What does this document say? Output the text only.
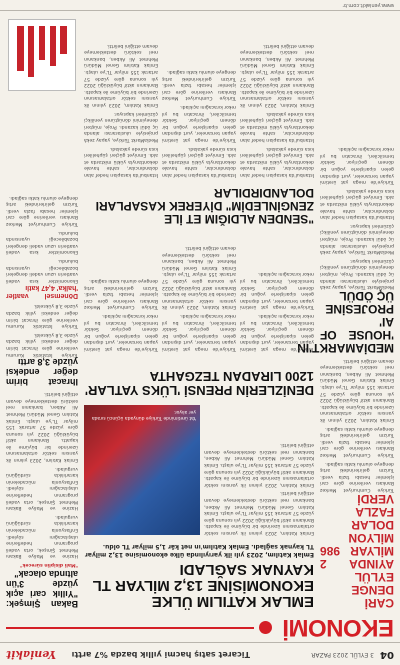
04
3 EYLÜL 2023 PAZAR
Ticaret satış hacmi yıllık bazda %7 arttı
Yeniakit
EKONOMİ
CARİ DENGE EYLÜL AYINDA 2 MİLYAR 986 MİLYON DOLAR FAZLA VERDİ

Türkiye Cumhuriyet Merkez Bankası verilerine göre cari işlemler hesabı fazla verdi. Turizm gelirlerindeki artış dengeye olumlu katkı sağladı.

Türkiye Cumhuriyet Merkez Bankası verilerine göre cari işlemler hesabı fazla verdi. Turizm gelirlerindeki artış dengeye olumlu katkı sağladı.

Emlak Katılım, 2023 yılının ilk yarısını sektör ortalamasının üzerinde bir büyüme ile kapattı. Bankanın aktif büyüklüğü 2022 yılı sonuna göre yüzde 57 artarak 155 milyar TL'ye ulaştı. Emlak Katılım Genel Müdürü Mehmet Ali Akben, bankanın reel sektörü desteklemeye devam ettiğini belirtti.

MEDİAMARKT'IN 'HOUSE OF AI' PROJESİNE ÜÇ ÖDÜL

MediaMarkt Türkiye, yapay zekâ projesiyle uluslararası alanda üç ödül kazandı. Proje, müşteri deneyimini dönüştüren yenilikçi çözümleri kapsıyor.

MediaMarkt Türkiye, yapay zekâ projesiyle uluslararası alanda üç ödül kazandı. Proje, müşteri deneyimini dönüştüren yenilikçi çözümleri kapsıyor.

İstanbul'da kasapları hedef alan dolandırıcılar, sahte havale dekontlarıyla yüklü miktarda et aldı. Emniyet güçleri şüphelileri kısa sürede yakaladı.

Türkiye'de mega yat üretimi yapan tersaneler, yurt dışından gelen siparişlerle yoğun bir dönem geçiriyor. Sektör temsilcileri, ihracatın bu yıl rekor kıracağını açıkladı.

EMLAK KATILIM ÜLKE EKONOMİSİNE 13,2 MİLYAR TL KAYNAK SAĞLADI
Emlak Katılım, 2023 yılı ilk yarıyılında ülke ekonomisine 13,2 milyar TL kaynak sağladı. Emlak Katılım'ın net kâr 1,5 milyar TL oldu.

Emlak Katılım, 2023 yılının ilk yarısını sektör ortalamasının üzerinde bir büyüme ile kapattı. Bankanın aktif büyüklüğü 2022 yılı sonuna göre yüzde 57 artarak 155 milyar TL'ye ulaştı. Emlak Katılım Genel Müdürü Mehmet Ali Akben, bankanın reel sektörü desteklemeye devam ettiğini belirtti.

Emlak Katılım, 2023 yılının ilk yarısını sektör ortalamasının üzerinde bir büyüme ile kapattı. Bankanın aktif büyüklüğü 2022 yılı sonuna göre yüzde 57 artarak 155 milyar TL'ye ulaştı. Emlak Katılım Genel Müdürü Mehmet Ali Akben, bankanın reel sektörü desteklemeye devam ettiğini belirtti.

Yat üretiminde Türkiye dünyada üçüncü sırada yer alıyor.
DENİZLERİN PRENSİ 'LÜKS YATLAR' 1200 LIRADAN TEZGAHTA

Türkiye'de mega yat üretimi yapan tersaneler, yurt dışından gelen siparişlerle yoğun bir dönem geçiriyor. Sektör temsilcileri, ihracatın bu yıl rekor kıracağını açıkladı.

Türkiye'de mega yat üretimi yapan tersaneler, yurt dışından gelen siparişlerle yoğun bir dönem geçiriyor. Sektör temsilcileri, ihracatın bu yıl rekor kıracağını açıkladı.

Türkiye'de mega yat üretimi yapan tersaneler, yurt dışından gelen siparişlerle yoğun bir dönem geçiriyor. Sektör temsilcileri, ihracatın bu yıl rekor kıracağını açıkladı.

Emlak Katılım, 2023 yılının ilk yarısını sektör ortalamasının üzerinde bir büyüme ile kapattı. Bankanın aktif büyüklüğü 2022 yılı sonuna göre yüzde 57 artarak 155 milyar TL'ye ulaştı. Emlak Katılım Genel Müdürü Mehmet Ali Akben, bankanın reel sektörü desteklemeye devam ettiğini belirtti.

Türkiye'de mega yat üretimi yapan tersaneler, yurt dışından gelen siparişlerle yoğun bir dönem geçiriyor. Sektör temsilcileri, ihracatın bu yıl rekor kıracağını açıkladı.

Türkiye Cumhuriyet Merkez Bankası verilerine göre cari işlemler hesabı fazla verdi. Turizm gelirlerindeki artış dengeye olumlu katkı sağladı.

"SENDEN ALDIĞIM ET İLE ZENGİNLEDİM" DİYEREK KASAPLARI DOLANDIRDILAR

İstanbul'da kasapları hedef alan dolandırıcılar, sahte havale dekontlarıyla yüklü miktarda et aldı. Emniyet güçleri şüphelileri kısa sürede yakaladı.

İstanbul'da kasapları hedef alan dolandırıcılar, sahte havale dekontlarıyla yüklü miktarda et aldı. Emniyet güçleri şüphelileri kısa sürede yakaladı.

Emlak Katılım, 2023 yılının ilk yarısını sektör ortalamasının üzerinde bir büyüme ile kapattı. Bankanın aktif büyüklüğü 2022 yılı sonuna göre yüzde 57 artarak 155 milyar TL'ye ulaştı. Emlak Katılım Genel Müdürü Mehmet Ali Akben, bankanın reel sektörü desteklemeye devam ettiğini belirtti.

İstanbul'da kasapları hedef alan dolandırıcılar, sahte havale dekontlarıyla yüklü miktarda et aldı. Emniyet güçleri şüphelileri kısa sürede yakaladı.

Türkiye'de mega yat üretimi yapan tersaneler, yurt dışından gelen siparişlerle yoğun bir dönem geçiriyor. Sektör temsilcileri, ihracatın bu yıl rekor kıracağını açıkladı.

Türkiye Cumhuriyet Merkez Bankası verilerine göre cari işlemler hesabı fazla verdi. Turizm gelirlerindeki artış dengeye olumlu katkı sağladı.

İstanbul'da kasapları hedef alan dolandırıcılar, sahte havale dekontlarıyla yüklü miktarda et aldı. Emniyet güçleri şüphelileri kısa sürede yakaladı.

MediaMarkt Türkiye, yapay zekâ projesiyle uluslararası alanda üç ödül kazandı. Proje, müşteri deneyimini dönüştüren yenilikçi çözümleri kapsıyor.

Emlak Katılım, 2023 yılının ilk yarısını sektör ortalamasının üzerinde bir büyüme ile kapattı. Bankanın aktif büyüklüğü 2022 yılı sonuna göre yüzde 57 artarak 155 milyar TL'ye ulaştı. Emlak Katılım Genel Müdürü Mehmet Ali Akben, bankanın reel sektörü desteklemeye devam ettiğini belirtti.

Bakan Şimşek: "Yıllık cari açık yüzde 3'ün altında olacak"
"Mali disiplin sürecek"

Hazine ve Maliye Bakanı Mehmet Şimşek, orta vadeli programın hedeflerine ulaşılacağını söyledi. Enflasyonla mücadelenin kararlılıkla sürdüğünü vurguladı.

Hazine ve Maliye Bakanı Mehmet Şimşek, orta vadeli programın hedeflerine ulaşılacağını söyledi. Enflasyonla mücadelenin kararlılıkla sürdüğünü vurguladı.

Emlak Katılım, 2023 yılının ilk yarısını sektör ortalamasının üzerinde bir büyüme ile kapattı. Bankanın aktif büyüklüğü 2022 yılı sonuna göre yüzde 57 artarak 155 milyar TL'ye ulaştı. Emlak Katılım Genel Müdürü Mehmet Ali Akben, bankanın reel sektörü desteklemeye devam ettiğini belirtti.

Ihracat birim değer endeksi yüzde 3,8 arttı

Türkiye İstatistik Kurumu verilerine göre ihracat birim değer endeksi yıllık bazda yüzde 3,8 yükseldi.

Türkiye İstatistik Kurumu verilerine göre ihracat birim değer endeksi yıllık bazda yüzde 3,8 yükseldi.

Dönemsel vaatler 'halka' 4,47 katlı

Ekonomistler kısa vadeli vaatlerin uzun vadeli dengeleri bozabileceği uyarısında bulundu.

Ekonomistler kısa vadeli vaatlerin uzun vadeli dengeleri bozabileceği uyarısında bulundu.

Türkiye Cumhuriyet Merkez Bankası verilerine göre cari işlemler hesabı fazla verdi. Turizm gelirlerindeki artış dengeye olumlu katkı sağladı.

www.yeniakit.com.tr
